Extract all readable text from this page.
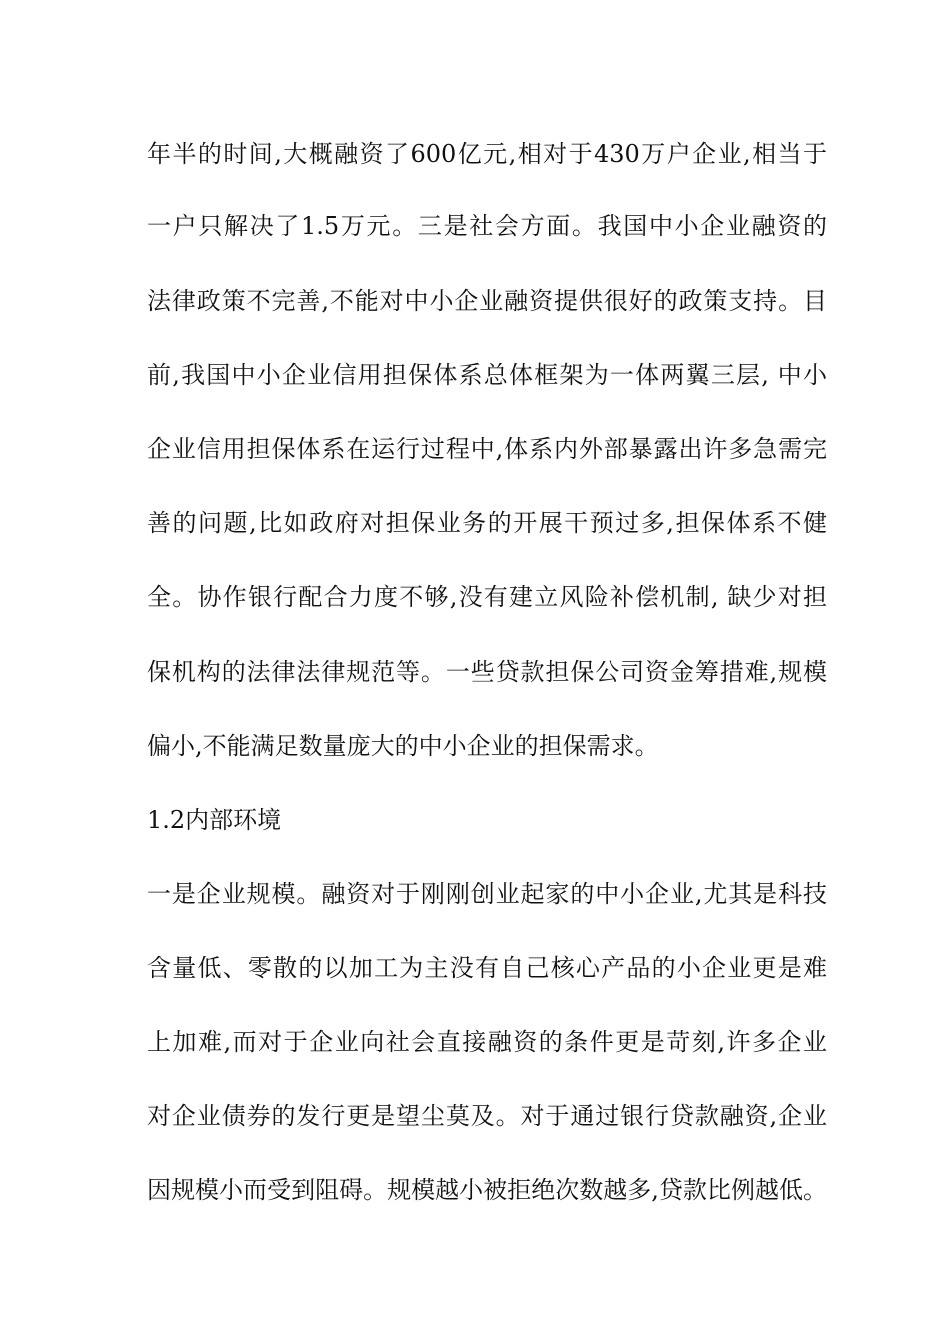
年半的时间,大概融资了600亿元,相对于430万户企业,相当于

一户只解决了1.5万元。三是社会方面。我国中小企业融资的

法律政策不完善,不能对中小企业融资提供很好的政策支持。目

前,我国中小企业信用担保体系总体框架为一体两翼三层, 中小

企业信用担保体系在运行过程中,体系内外部暴露出许多急需完

善的问题,比如政府对担保业务的开展干预过多,担保体系不健

全。协作银行配合力度不够,没有建立风险补偿机制, 缺少对担

保机构的法律法律规范等。一些贷款担保公司资金筹措难,规模

偏小,不能满足数量庞大的中小企业的担保需求。

1.2内部环境

一是企业规模。融资对于刚刚创业起家的中小企业,尤其是科技

含量低、零散的以加工为主没有自己核心产品的小企业更是难

上加难,而对于企业向社会直接融资的条件更是苛刻,许多企业

对企业债券的发行更是望尘莫及。对于通过银行贷款融资,企业

因规模小而受到阻碍。规模越小被拒绝次数越多,贷款比例越低。
